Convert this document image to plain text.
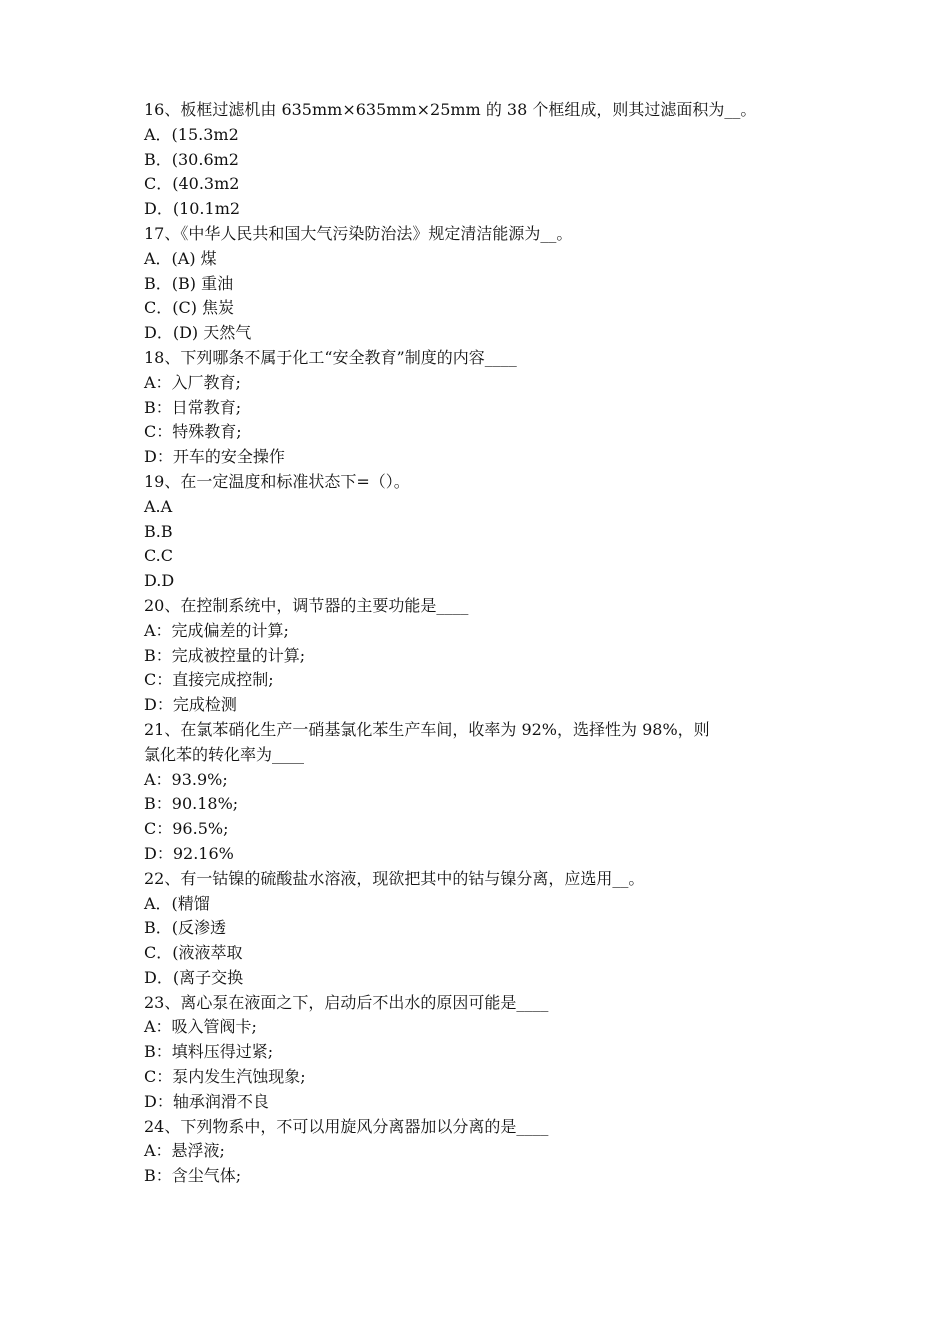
16、板框过滤机由 635mm×635mm×25mm 的 38 个框组成，则其过滤面积为__。
A．(15.3m2
B．(30.6m2
C．(40.3m2
D．(10.1m2
17、《中华人民共和国大气污染防治法》规定清洁能源为__。
A．(A) 煤
B．(B) 重油
C．(C) 焦炭
D．(D) 天然气
18、下列哪条不属于化工“安全教育”制度的内容____
A：入厂教育;
B：日常教育;
C：特殊教育;
D：开车的安全操作
19、在一定温度和标准状态下=（）。
A.A
B.B
C.C
D.D
20、在控制系统中，调节器的主要功能是____
A：完成偏差的计算;
B：完成被控量的计算;
C：直接完成控制;
D：完成检测
21、在氯苯硝化生产一硝基氯化苯生产车间，收率为 92%，选择性为 98%，则
氯化苯的转化率为____
A：93.9%;
B：90.18%;
C：96.5%;
D：92.16%
22、有一钴镍的硫酸盐水溶液，现欲把其中的钴与镍分离，应选用__。
A．(精馏
B．(反渗透
C．(液液萃取
D．(离子交换
23、离心泵在液面之下，启动后不出水的原因可能是____
A：吸入管阀卡;
B：填料压得过紧;
C：泵内发生汽蚀现象;
D：轴承润滑不良
24、下列物系中，不可以用旋风分离器加以分离的是____
A：悬浮液;
B：含尘气体;
